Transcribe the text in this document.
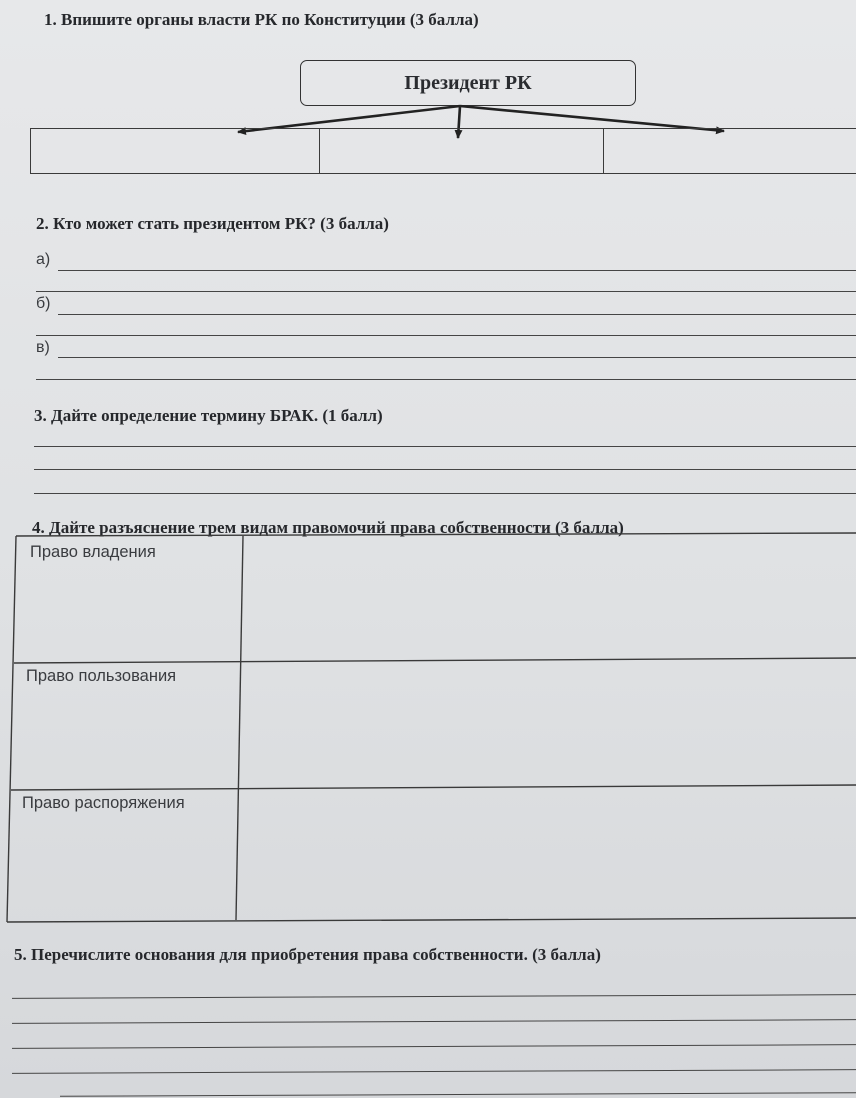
1. Впишите органы власти РК по Конституции (3 балла)
Президент РК
2. Кто может стать президентом РК? (3 балла)
а)
б)
в)
3. Дайте определение термину БРАК. (1 балл)
4. Дайте разъяснение трем видам правомочий права собственности (3 балла)
Право владения
Право пользования
Право распоряжения
5. Перечислите основания для приобретения права собственности. (3 балла)
